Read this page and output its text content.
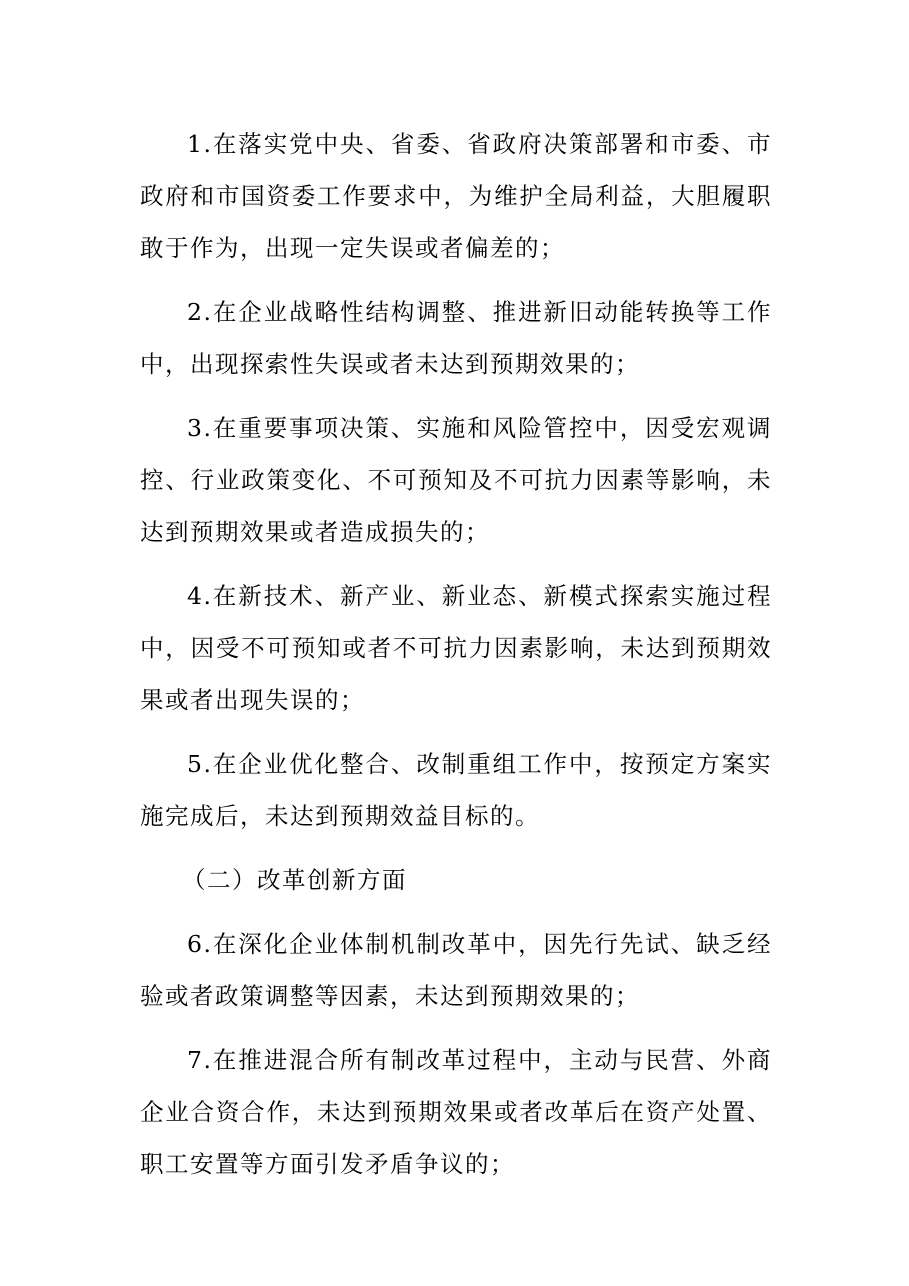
1.在落实党中央、省委、省政府决策部署和市委、市政府和市国资委工作要求中，为维护全局利益，大胆履职敢于作为，出现一定失误或者偏差的；

2.在企业战略性结构调整、推进新旧动能转换等工作中，出现探索性失误或者未达到预期效果的；

3.在重要事项决策、实施和风险管控中，因受宏观调控、行业政策变化、不可预知及不可抗力因素等影响，未达到预期效果或者造成损失的；

4.在新技术、新产业、新业态、新模式探索实施过程中，因受不可预知或者不可抗力因素影响，未达到预期效果或者出现失误的；

5.在企业优化整合、改制重组工作中，按预定方案实施完成后，未达到预期效益目标的。

（二）改革创新方面

6.在深化企业体制机制改革中，因先行先试、缺乏经验或者政策调整等因素，未达到预期效果的；

7.在推进混合所有制改革过程中，主动与民营、外商企业合资合作，未达到预期效果或者改革后在资产处置、职工安置等方面引发矛盾争议的；
